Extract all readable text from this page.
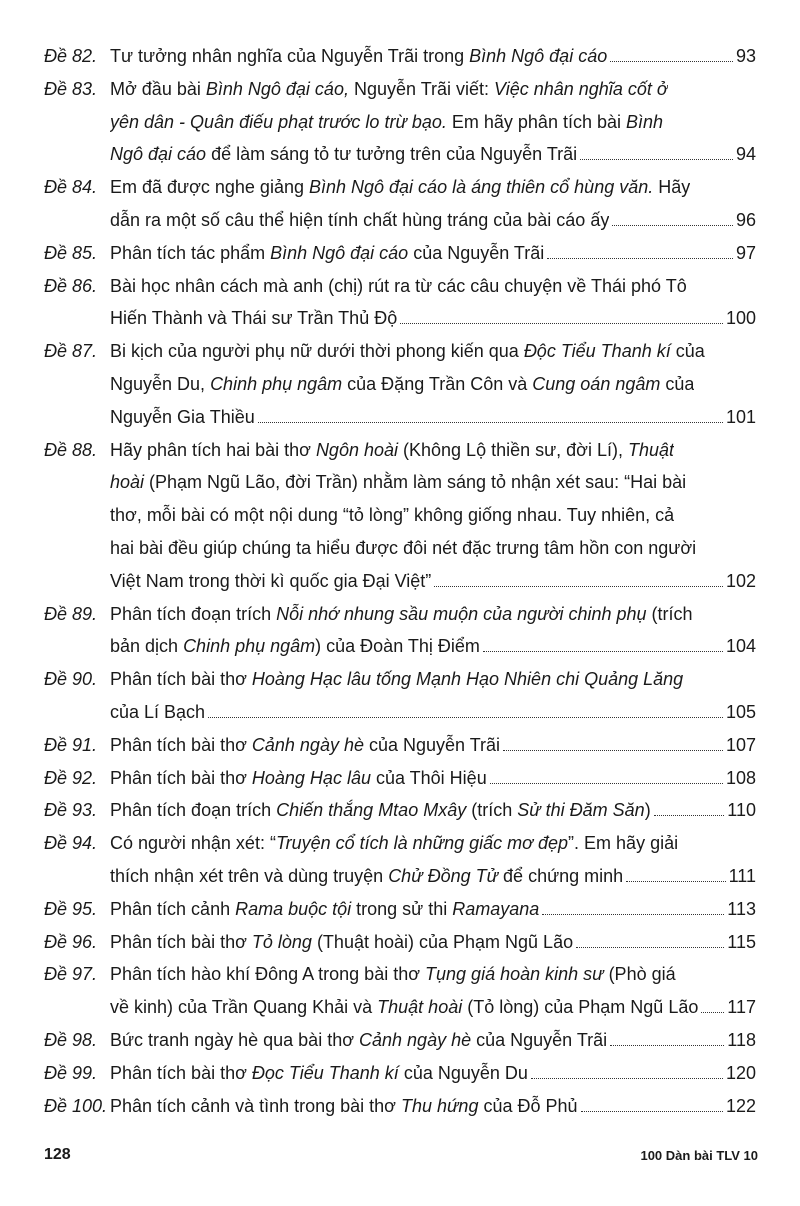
Đề 82. Tư tưởng nhân nghĩa của Nguyễn Trãi trong Bình Ngô đại cáo	93
Đề 83. Mở đầu bài Bình Ngô đại cáo, Nguyễn Trãi viết: Việc nhân nghĩa cốt ở
yên dân - Quân điếu phạt trước lo trừ bạo. Em hãy phân tích bài Bình
Ngô đại cáo để làm sáng tỏ tư tưởng trên của Nguyễn Trãi	94
Đề 84. Em đã được nghe giảng Bình Ngô đại cáo là áng thiên cổ hùng văn. Hãy
dẫn ra một số câu thể hiện tính chất hùng tráng của bài cáo ấy	96
Đề 85. Phân tích tác phẩm Bình Ngô đại cáo của Nguyễn Trãi	97
Đề 86. Bài học nhân cách mà anh (chị) rút ra từ các câu chuyện về Thái phó Tô
Hiến Thành và Thái sư Trần Thủ Độ	100
Đề 87. Bi kịch của người phụ nữ dưới thời phong kiến qua Độc Tiểu Thanh kí của
Nguyễn Du, Chinh phụ ngâm của Đặng Trần Côn và Cung oán ngâm của
Nguyễn Gia Thiều	101
Đề 88. Hãy phân tích hai bài thơ Ngôn hoài (Không Lộ thiền sư, đời Lí), Thuật
hoài (Phạm Ngũ Lão, đời Trần) nhằm làm sáng tỏ nhận xét sau: “Hai bài
thơ, mỗi bài có một nội dung “tỏ lòng” không giống nhau. Tuy nhiên, cả
hai bài đều giúp chúng ta hiểu được đôi nét đặc trưng tâm hồn con người
Việt Nam trong thời kì quốc gia Đại Việt”	102
Đề 89. Phân tích đoạn trích Nỗi nhớ nhung sầu muộn của người chinh phụ (trích
bản dịch Chinh phụ ngâm) của Đoàn Thị Điểm	104
Đề 90. Phân tích bài thơ Hoàng Hạc lâu tống Mạnh Hạo Nhiên chi Quảng Lăng
của Lí Bạch	105
Đề 91. Phân tích bài thơ Cảnh ngày hè của Nguyễn Trãi	107
Đề 92. Phân tích bài thơ Hoàng Hạc lâu của Thôi Hiệu	108
Đề 93. Phân tích đoạn trích Chiến thắng Mtao Mxây (trích Sử thi Đăm Săn)	110
Đề 94. Có người nhận xét: “Truyện cổ tích là những giấc mơ đẹp”. Em hãy giải
thích nhận xét trên và dùng truyện Chử Đồng Tử để chứng minh	111
Đề 95. Phân tích cảnh Rama buộc tội trong sử thi Ramayana	113
Đề 96. Phân tích bài thơ Tỏ lòng (Thuật hoài) của Phạm Ngũ Lão	115
Đề 97. Phân tích hào khí Đông A trong bài thơ Tụng giá hoàn kinh sư (Phò giá
về kinh) của Trần Quang Khải và Thuật hoài (Tỏ lòng) của Phạm Ngũ Lão 117
Đề 98. Bức tranh ngày hè qua bài thơ Cảnh ngày hè của Nguyễn Trãi	118
Đề 99. Phân tích bài thơ Đọc Tiểu Thanh kí của Nguyễn Du	120
Đề 100. Phân tích cảnh và tình trong bài thơ Thu hứng của Đỗ Phủ	122
128	100 Dàn bài TLV 10
